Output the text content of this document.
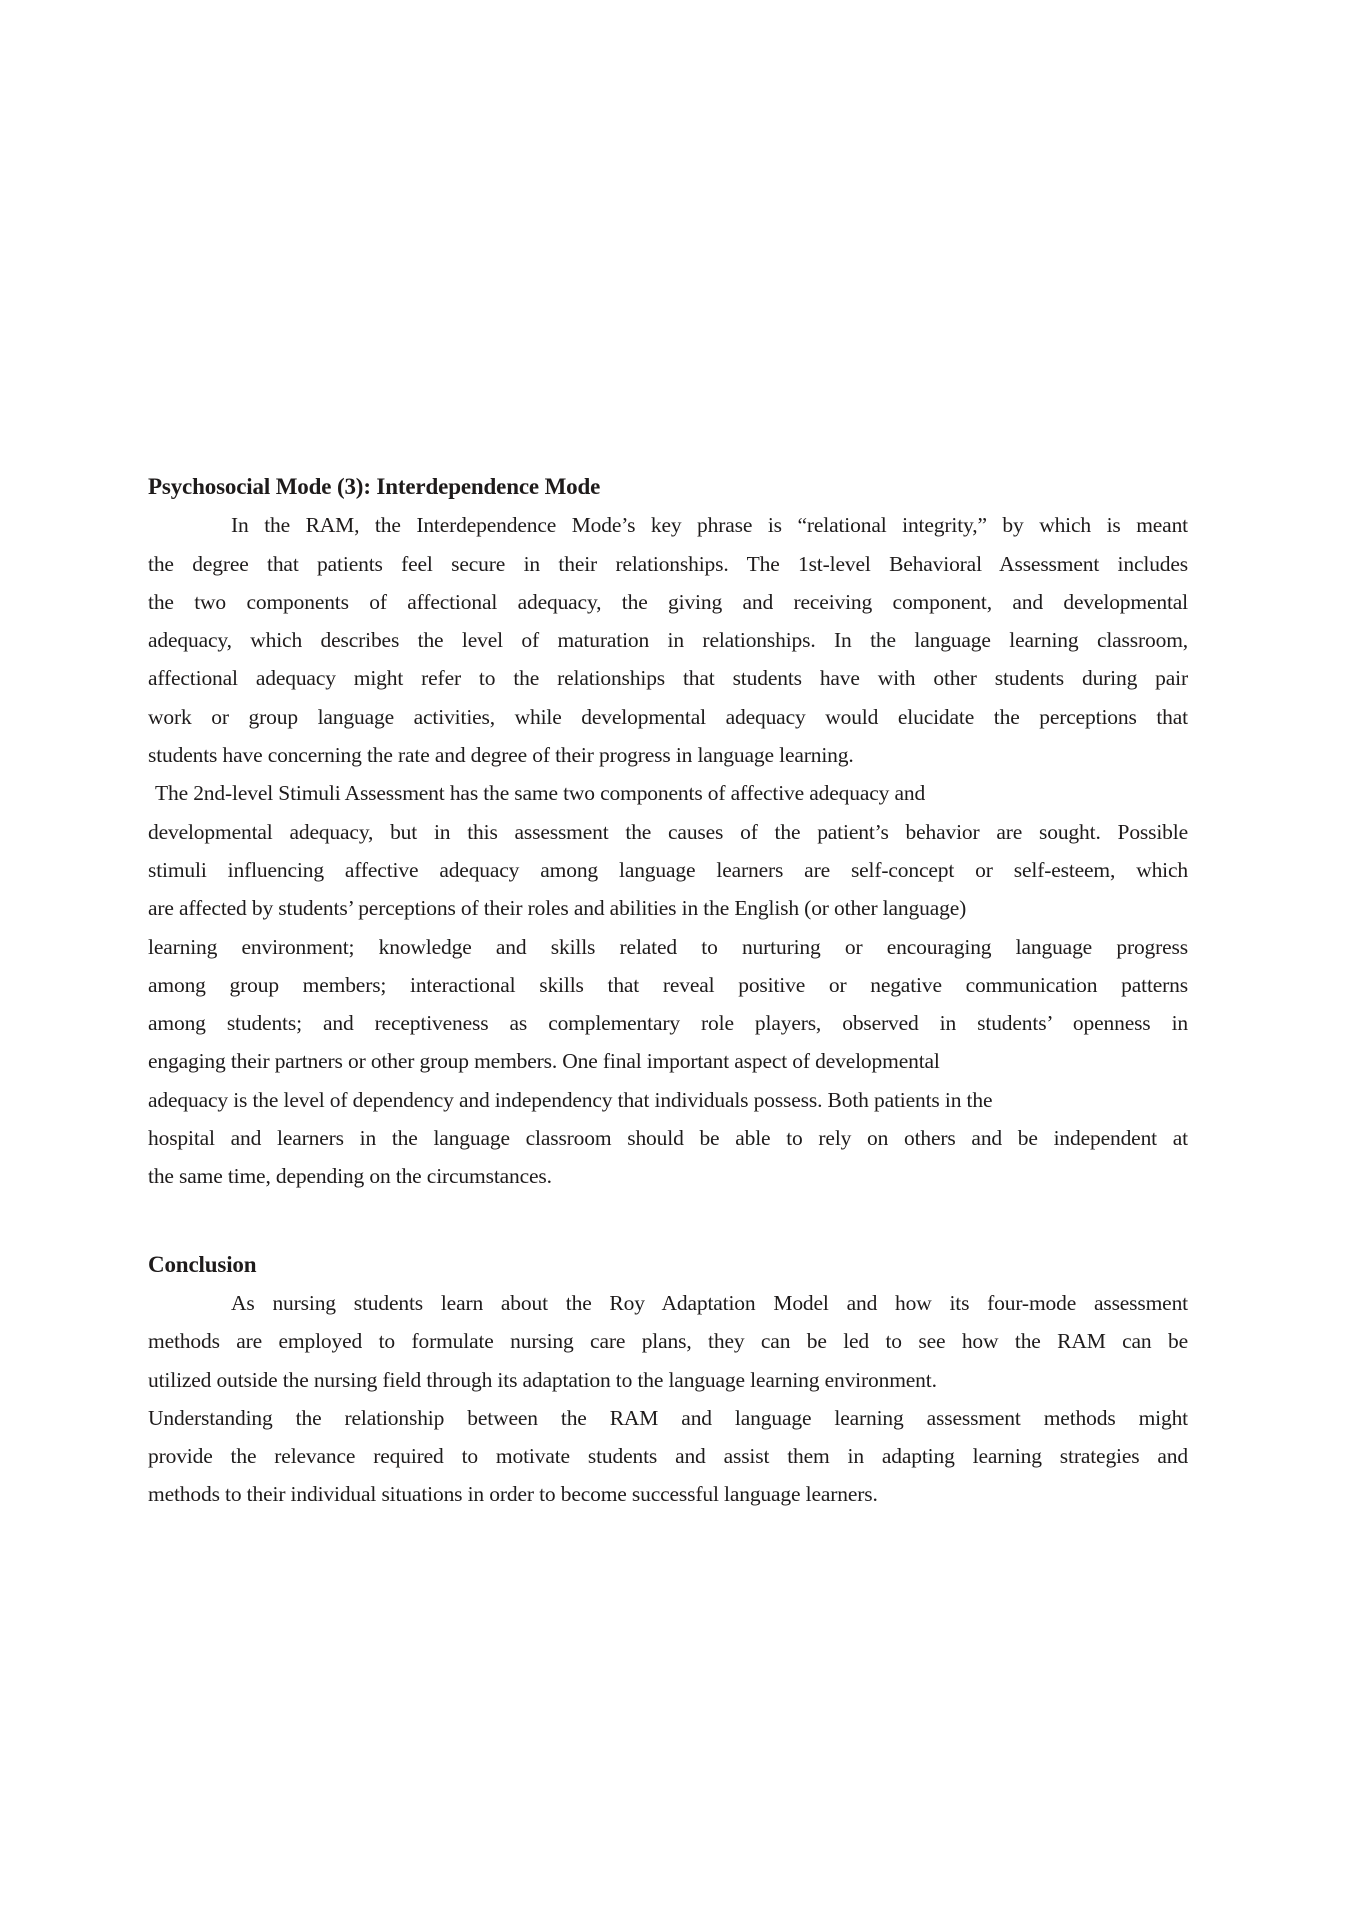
Psychosocial Mode (3): Interdependence Mode
In the RAM, the Interdependence Mode’s key phrase is “relational integrity,” by which is meant
the degree that patients feel secure in their relationships. The 1st-level Behavioral Assessment includes
the two components of affectional adequacy, the giving and receiving component, and developmental
adequacy, which describes the level of maturation in relationships. In the language learning classroom,
affectional adequacy might refer to the relationships that students have with other students during pair
work or group language activities, while developmental adequacy would elucidate the perceptions that
students have concerning the rate and degree of their progress in language learning.
The 2nd-level Stimuli Assessment has the same two components of affective adequacy and
developmental adequacy, but in this assessment the causes of the patient’s behavior are sought. Possible
stimuli influencing affective adequacy among language learners are self-concept or self-esteem, which
are affected by students’ perceptions of their roles and abilities in the English (or other language)
learning environment; knowledge and skills related to nurturing or encouraging language progress
among group members; interactional skills that reveal positive or negative communication patterns
among students; and receptiveness as complementary role players, observed in students’ openness in
engaging their partners or other group members. One final important aspect of developmental
adequacy is the level of dependency and independency that individuals possess. Both patients in the
hospital and learners in the language classroom should be able to rely on others and be independent at
the same time, depending on the circumstances.
Conclusion
As nursing students learn about the Roy Adaptation Model and how its four-mode assessment
methods are employed to formulate nursing care plans, they can be led to see how the RAM can be
utilized outside the nursing field through its adaptation to the language learning environment.
Understanding the relationship between the RAM and language learning assessment methods might
provide the relevance required to motivate students and assist them in adapting learning strategies and
methods to their individual situations in order to become successful language learners.
